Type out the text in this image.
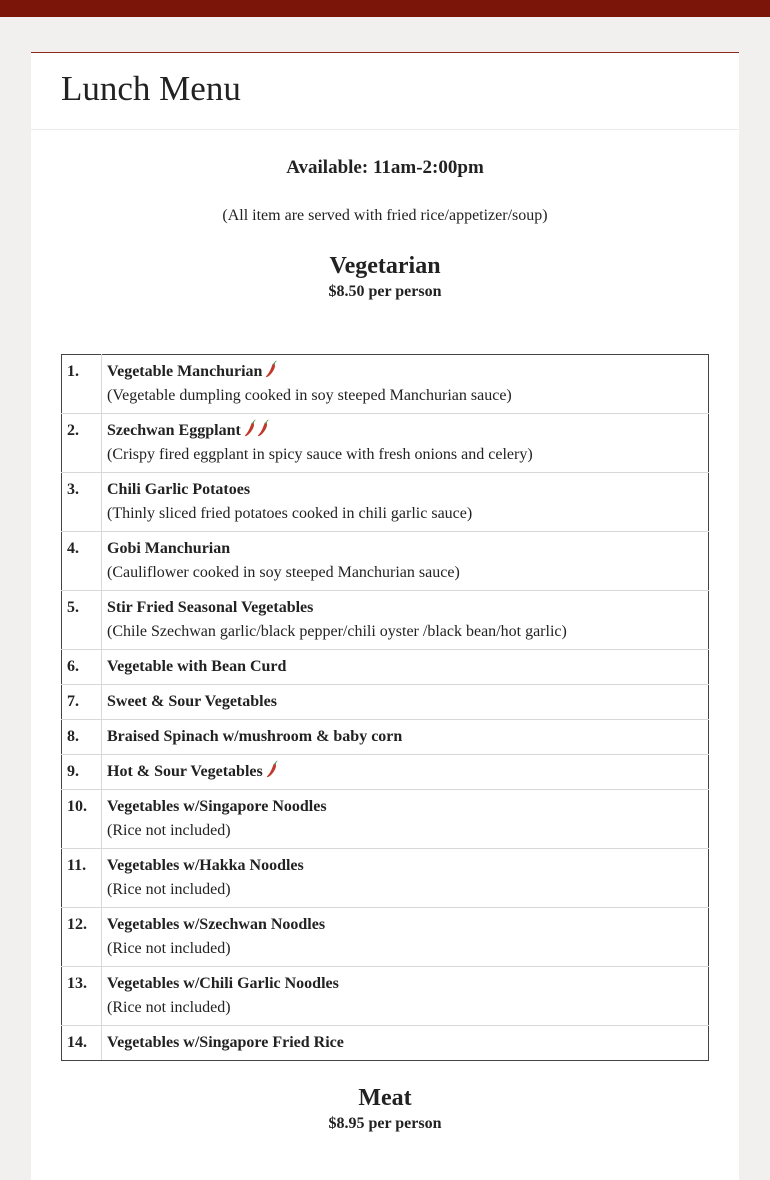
Lunch Menu
Available: 11am-2:00pm
(All item are served with fried rice/appetizer/soup)
Vegetarian
$8.50 per person
1.	Vegetable Manchurian
(Vegetable dumpling cooked in soy steeped Manchurian sauce)

2.	Szechwan Eggplant
(Crispy fired eggplant in spicy sauce with fresh onions and celery)

3.	Chili Garlic Potatoes
(Thinly sliced fried potatoes cooked in chili garlic sauce)

4.	Gobi Manchurian
(Cauliflower cooked in soy steeped Manchurian sauce)

5.	Stir Fried Seasonal Vegetables
(Chile Szechwan garlic/black pepper/chili oyster /black bean/hot garlic)

6.	Vegetable with Bean Curd

7.	Sweet & Sour Vegetables

8.	Braised Spinach w/mushroom & baby corn

9.	Hot & Sour Vegetables

10.	Vegetables w/Singapore Noodles
(Rice not included)

11.	Vegetables w/Hakka Noodles
(Rice not included)

12.	Vegetables w/Szechwan Noodles
(Rice not included)

13.	Vegetables w/Chili Garlic Noodles
(Rice not included)

14.	Vegetables w/Singapore Fried Rice
Meat
$8.95 per person
